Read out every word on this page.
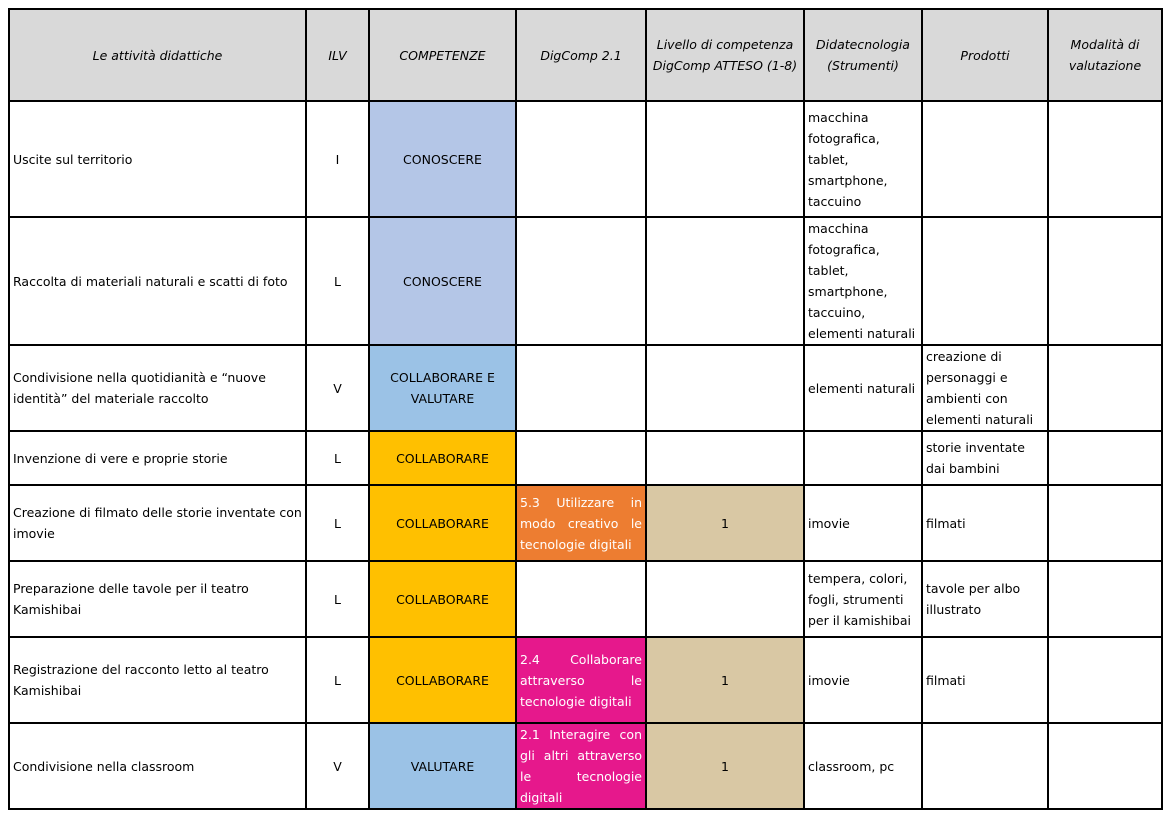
Le attività didattiche	ILV	COMPETENZE	DigComp 2.1	Livello di competenza DigComp ATTESO (1-8)	Didatecnologia (Strumenti)	Prodotti	Modalità di valutazione
Uscite sul territorio	I	CONOSCERE			macchina fotografica, tablet, smartphone, taccuino		
Raccolta di materiali naturali e scatti di foto	L	CONOSCERE			macchina fotografica, tablet, smartphone, taccuino, elementi naturali		
Condivisione nella quotidianità e “nuove identità” del materiale raccolto	V	COLLABORARE E VALUTARE			elementi naturali	creazione di personaggi e ambienti con elementi naturali	
Invenzione di vere e proprie storie	L	COLLABORARE				storie inventate dai bambini	
Creazione di filmato delle storie inventate con imovie	L	COLLABORARE	5.3 Utilizzare in modo creativo le tecnologie digitali	1	imovie	filmati	
Preparazione delle tavole per il teatro Kamishibai	L	COLLABORARE			tempera, colori, fogli, strumenti per il kamishibai	tavole per albo illustrato	
Registrazione del racconto letto al teatro Kamishibai	L	COLLABORARE	2.4 Collaborare attraverso le tecnologie digitali	1	imovie	filmati	
Condivisione nella classroom	V	VALUTARE	2.1 Interagire con gli altri attraverso le tecnologie digitali	1	classroom, pc		
